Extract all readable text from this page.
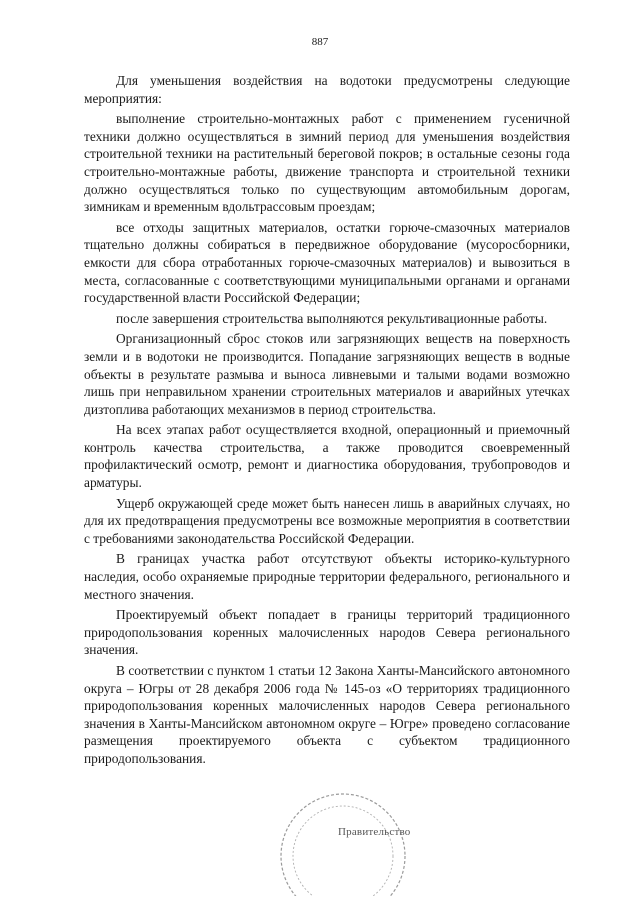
887

Для уменьшения воздействия на водотоки предусмотрены следующие мероприятия:

выполнение строительно-монтажных работ с применением гусеничной техники должно осуществляться в зимний период для уменьшения воздействия строительной техники на растительный береговой покров; в остальные сезоны года строительно-монтажные работы, движение транспорта и строительной техники должно осуществляться только по существующим автомобильным дорогам, зимникам и временным вдольтрассовым проездам;

все отходы защитных материалов, остатки горюче-смазочных материалов тщательно должны собираться в передвижное оборудование (мусоросборники, емкости для сбора отработанных горюче-смазочных материалов) и вывозиться в места, согласованные с соответствующими муниципальными органами и органами государственной власти Российской Федерации;

после завершения строительства выполняются рекультивационные работы.

Организационный сброс стоков или загрязняющих веществ на поверхность земли и в водотоки не производится. Попадание загрязняющих веществ в водные объекты в результате размыва и выноса ливневыми и талыми водами возможно лишь при неправильном хранении строительных материалов и аварийных утечках дизтоплива работающих механизмов в период строительства.

На всех этапах работ осуществляется входной, операционный и приемочный контроль качества строительства, а также проводится своевременный профилактический осмотр, ремонт и диагностика оборудования, трубопроводов и арматуры.

Ущерб окружающей среде может быть нанесен лишь в аварийных случаях, но для их предотвращения предусмотрены все возможные мероприятия в соответствии с требованиями законодательства Российской Федерации.

В границах участка работ отсутствуют объекты историко-культурного наследия, особо охраняемые природные территории федерального, регионального и местного значения.

Проектируемый объект попадает в границы территорий традиционного природопользования коренных малочисленных народов Севера регионального значения.

В соответствии с пунктом 1 статьи 12 Закона Ханты-Мансийского автономного округа – Югры от 28 декабря 2006 года № 145-оз «О территориях традиционного природопользования коренных малочисленных народов Севера регионального значения в Ханты-Мансийском автономном округе – Югре» проведено согласование размещения проектируемого объекта с субъектом традиционного природопользования.

Правительство
